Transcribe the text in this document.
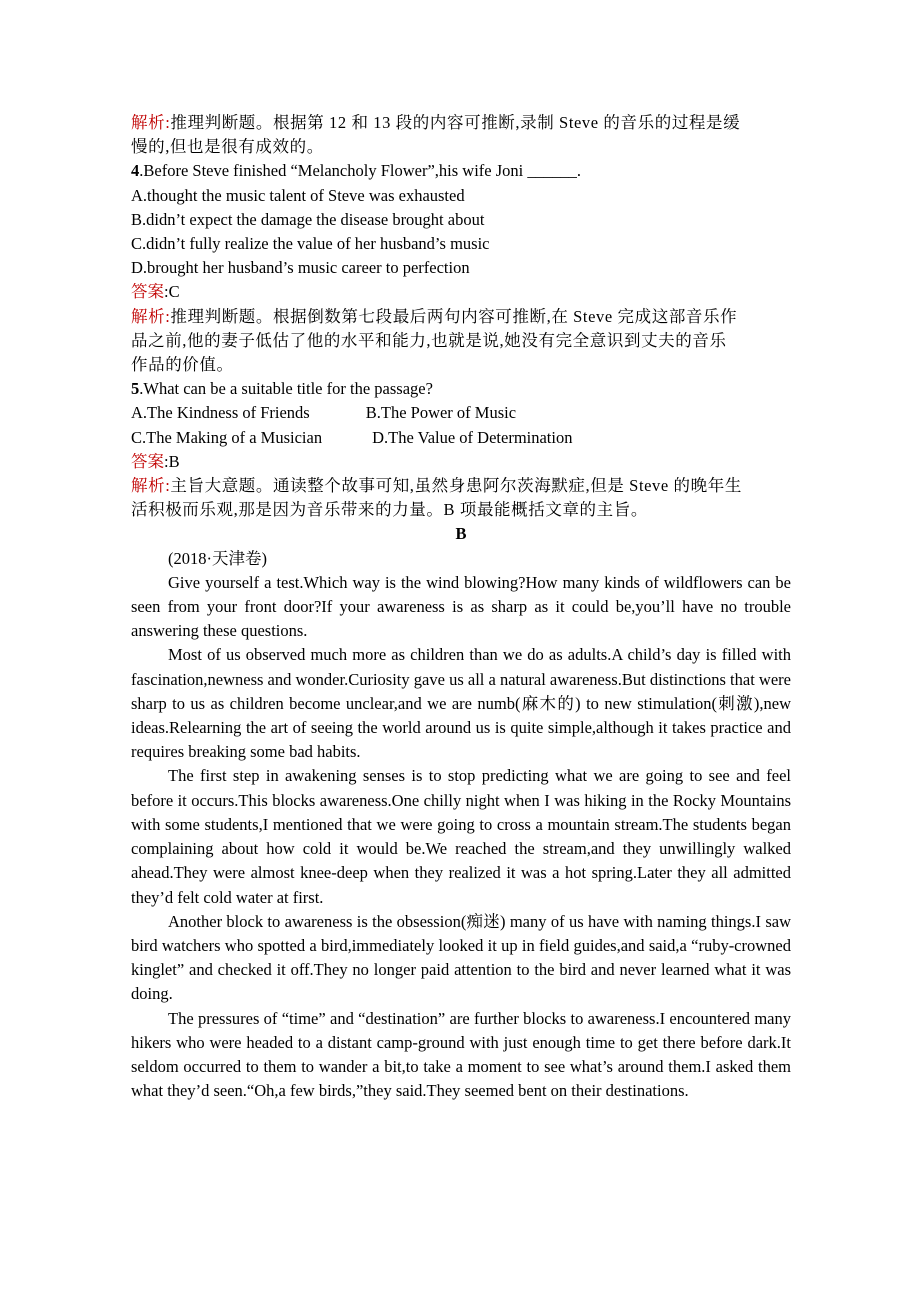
解析:推理判断题。根据第 12 和 13 段的内容可推断,录制 Steve 的音乐的过程是缓
慢的,但也是很有成效的。
4.Before Steve finished “Melancholy Flower”,his wife Joni ______.
A.thought the music talent of Steve was exhausted
B.didn’t expect the damage the disease brought about
C.didn’t fully realize the value of her husband’s music
D.brought her husband’s music career to perfection
答案:C
解析:推理判断题。根据倒数第七段最后两句内容可推断,在 Steve 完成这部音乐作
品之前,他的妻子低估了他的水平和能力,也就是说,她没有完全意识到丈夫的音乐
作品的价值。
5.What can be a suitable title for the passage?
A.The Kindness of Friends	B.The Power of Music
C.The Making of a Musician	D.The Value of Determination
答案:B
解析:主旨大意题。通读整个故事可知,虽然身患阿尔茨海默症,但是 Steve 的晚年生
活积极而乐观,那是因为音乐带来的力量。B 项最能概括文章的主旨。
B
(2018·天津卷)
Give yourself a test.Which way is the wind blowing?How many kinds of wildflowers can be seen from your front door?If your awareness is as sharp as it could be,you’ll have no trouble answering these questions.
Most of us observed much more as children than we do as adults.A child’s day is filled with fascination,newness and wonder.Curiosity gave us all a natural awareness.But distinctions that were sharp to us as children become unclear,and we are numb(麻木的) to new stimulation(刺激),new ideas.Relearning the art of seeing the world around us is quite simple,although it takes practice and requires breaking some bad habits.
The first step in awakening senses is to stop predicting what we are going to see and feel before it occurs.This blocks awareness.One chilly night when I was hiking in the Rocky Mountains with some students,I mentioned that we were going to cross a mountain stream.The students began complaining about how cold it would be.We reached the stream,and they unwillingly walked ahead.They were almost knee-deep when they realized it was a hot spring.Later they all admitted they’d felt cold water at first.
Another block to awareness is the obsession(痴迷) many of us have with naming things.I saw bird watchers who spotted a bird,immediately looked it up in field guides,and said,a “ruby-crowned kinglet” and checked it off.They no longer paid attention to the bird and never learned what it was doing.
The pressures of “time” and “destination” are further blocks to awareness.I encountered many hikers who were headed to a distant camp-ground with just enough time to get there before dark.It seldom occurred to them to wander a bit,to take a moment to see what’s around them.I asked them what they’d seen.“Oh,a few birds,”they said.They seemed bent on their destinations.
